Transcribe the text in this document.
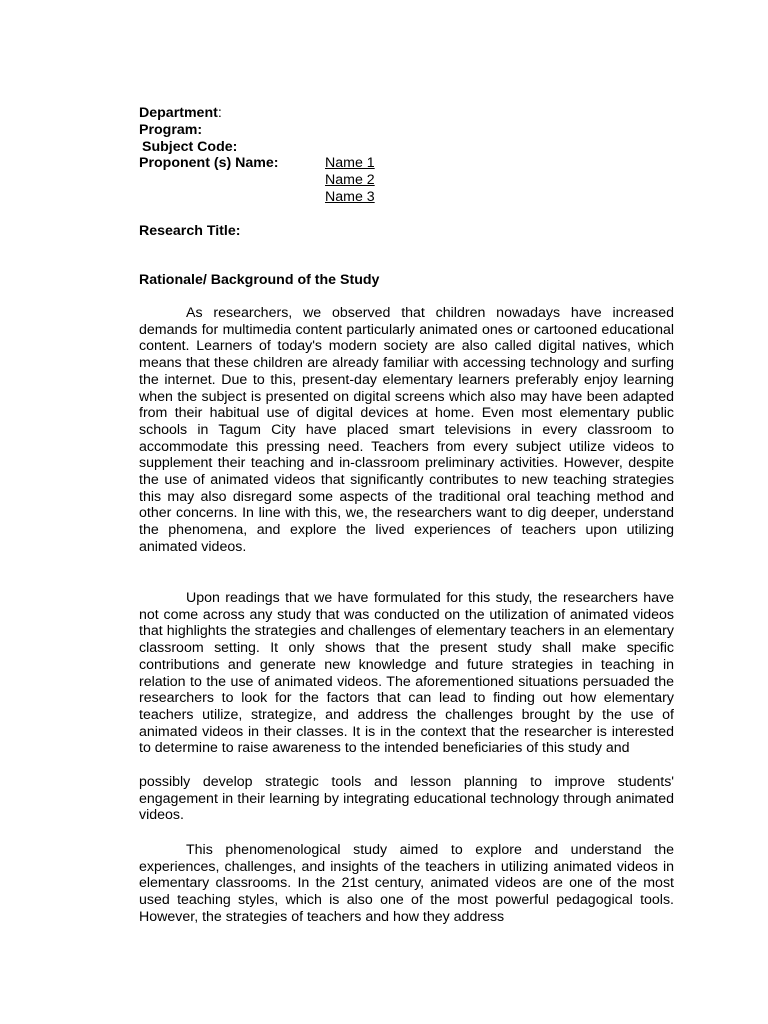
Department:
Program:
Subject Code:
Proponent (s) Name:	Name 1
Name 2
Name 3
Research Title:
Rationale/ Background of the Study

As researchers, we observed that children nowadays have increased demands for multimedia content particularly animated ones or cartooned educational content. Learners of today's modern society are also called digital natives, which means that these children are already familiar with accessing technology and surfing the internet. Due to this, present-day elementary learners preferably enjoy learning when the subject is presented on digital screens which also may have been adapted from their habitual use of digital devices at home. Even most elementary public schools in Tagum City have placed smart televisions in every classroom to accommodate this pressing need. Teachers from every subject utilize videos to supplement their teaching and in-classroom preliminary activities. However, despite the use of animated videos that significantly contributes to new teaching strategies this may also disregard some aspects of the traditional oral teaching method and other concerns. In line with this, we, the researchers want to dig deeper, understand the phenomena, and explore the lived experiences of teachers upon utilizing animated videos.

Upon readings that we have formulated for this study, the researchers have not come across any study that was conducted on the utilization of animated videos that highlights the strategies and challenges of elementary teachers in an elementary classroom setting. It only shows that the present study shall make specific contributions and generate new knowledge and future strategies in teaching in relation to the use of animated videos. The aforementioned situations persuaded the researchers to look for the factors that can lead to finding out how elementary teachers utilize, strategize, and address the challenges brought by the use of animated videos in their classes. It is in the context that the researcher is interested to determine to raise awareness to the intended beneficiaries of this study and

possibly develop strategic tools and lesson planning to improve students' engagement in their learning by integrating educational technology through animated videos.

This phenomenological study aimed to explore and understand the experiences, challenges, and insights of the teachers in utilizing animated videos in elementary classrooms. In the 21st century, animated videos are one of the most used teaching styles, which is also one of the most powerful pedagogical tools. However, the strategies of teachers and how they address
